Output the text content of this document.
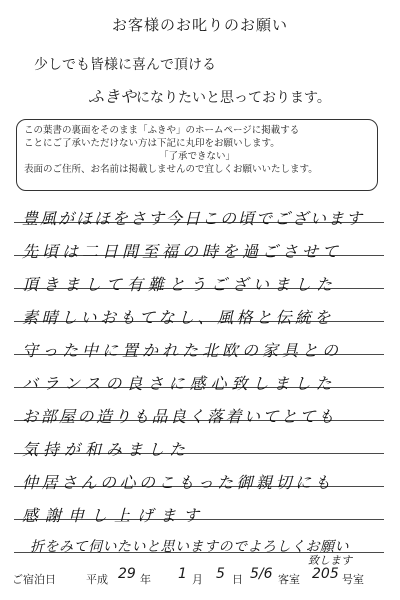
お客様のお叱りのお願い
少しでも皆様に喜んで頂ける
ふきやになりたいと思っております。
この葉書の裏面をそのまま「ふきや」のホームページに掲載する
ことにご了承いただけない方は下記に丸印をお願いします。
「了承できない」
表面のご住所、お名前は掲載しませんので宜しくお願いいたします。
豊風がほほをさす今日この頃でございます
先頃は二日間至福の時を過ごさせて
頂きまして有難とうございました
素晴しいおもてなし、風格と伝統を
守った中に置かれた北欧の家具との
バランスの良さに感心致しました
お部屋の造りも品良く落着いてとても
気持が和みました
仲居さんの心のこもった御親切にも
感謝申し上げます
折をみて伺いたいと思いますのでよろしくお願い
致します
ご宿泊日	平成 29 年 1 月 5 日 5/6 客室 205 号室
